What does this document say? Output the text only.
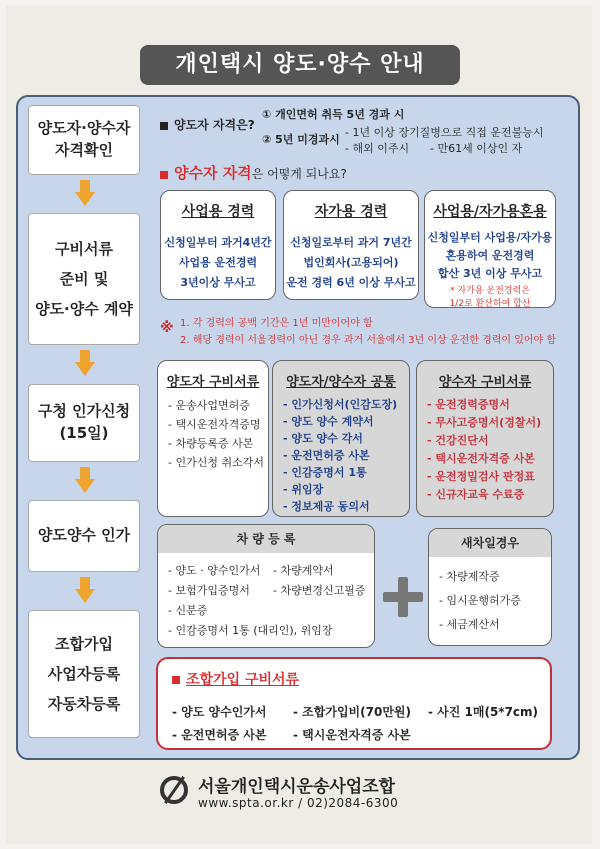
개인택시 양도·양수 안내
양도자·양수자
자격확인
구비서류
준비 및
양도·양수 계약
구청 인가신청
(15일)
양도양수 인가
조합가입
사업자등록
자동차등록
양도자 자격은?
① 개인면허 취득 5년 경과 시
② 5년 미경과시
- 1년 이상 장기질병으로 직접 운전불능시
- 해외 이주시 - 만61세 이상인 자
양수자 자격은 어떻게 되나요?
사업용 경력
신청일부터 과거4년간
사업용 운전경력
3년이상 무사고
자가용 경력
신청일로부터 과거 7년간
법인회사(고용되어)
운전 경력 6년 이상 무사고
사업용/자가용혼용
신청일부터 사업용/자가용
혼용하여 운전경력
합산 3년 이상 무사고
* 자가용 운전경력은
1/2로 환산하여 합산
※ 1. 각 경력의 공백 기간은 1년 미만이어야 함
2. 해당 경력이 서울경력이 아닌 경우 과거 서울에서 3년 이상 운전한 경력이 있어야 함
양도자 구비서류
- 운송사업면허증
- 택시운전자격증명
- 차량등록증 사본
- 인가신청 취소각서
양도자/양수자 공통
- 인가신청서(인감도장)
- 양도 양수 계약서
- 양도 양수 각서
- 운전면허증 사본
- 인감증명서 1통
- 위임장
- 정보제공 동의서
양수자 구비서류
- 운전경력증명서
- 무사고증명서(경찰서)
- 건강진단서
- 택시운전자격증 사본
- 운전정밀검사 판정표
- 신규자교육 수료증
차 량 등 록
- 양도 · 양수인가서
- 보험가입증명서
- 신분증
- 인감증명서 1통 (대리인), 위임장
- 차량계약서
- 차량변경신고필증
새차일경우
- 차량제작증
- 임시운행허가증
- 세금계산서
조합가입 구비서류
- 양도 양수인가서 - 조합가입비(70만원) - 사진 1매(5*7cm)
- 운전면허증 사본 - 택시운전자격증 사본
서울개인택시운송사업조합
www.spta.or.kr / 02)2084-6300
